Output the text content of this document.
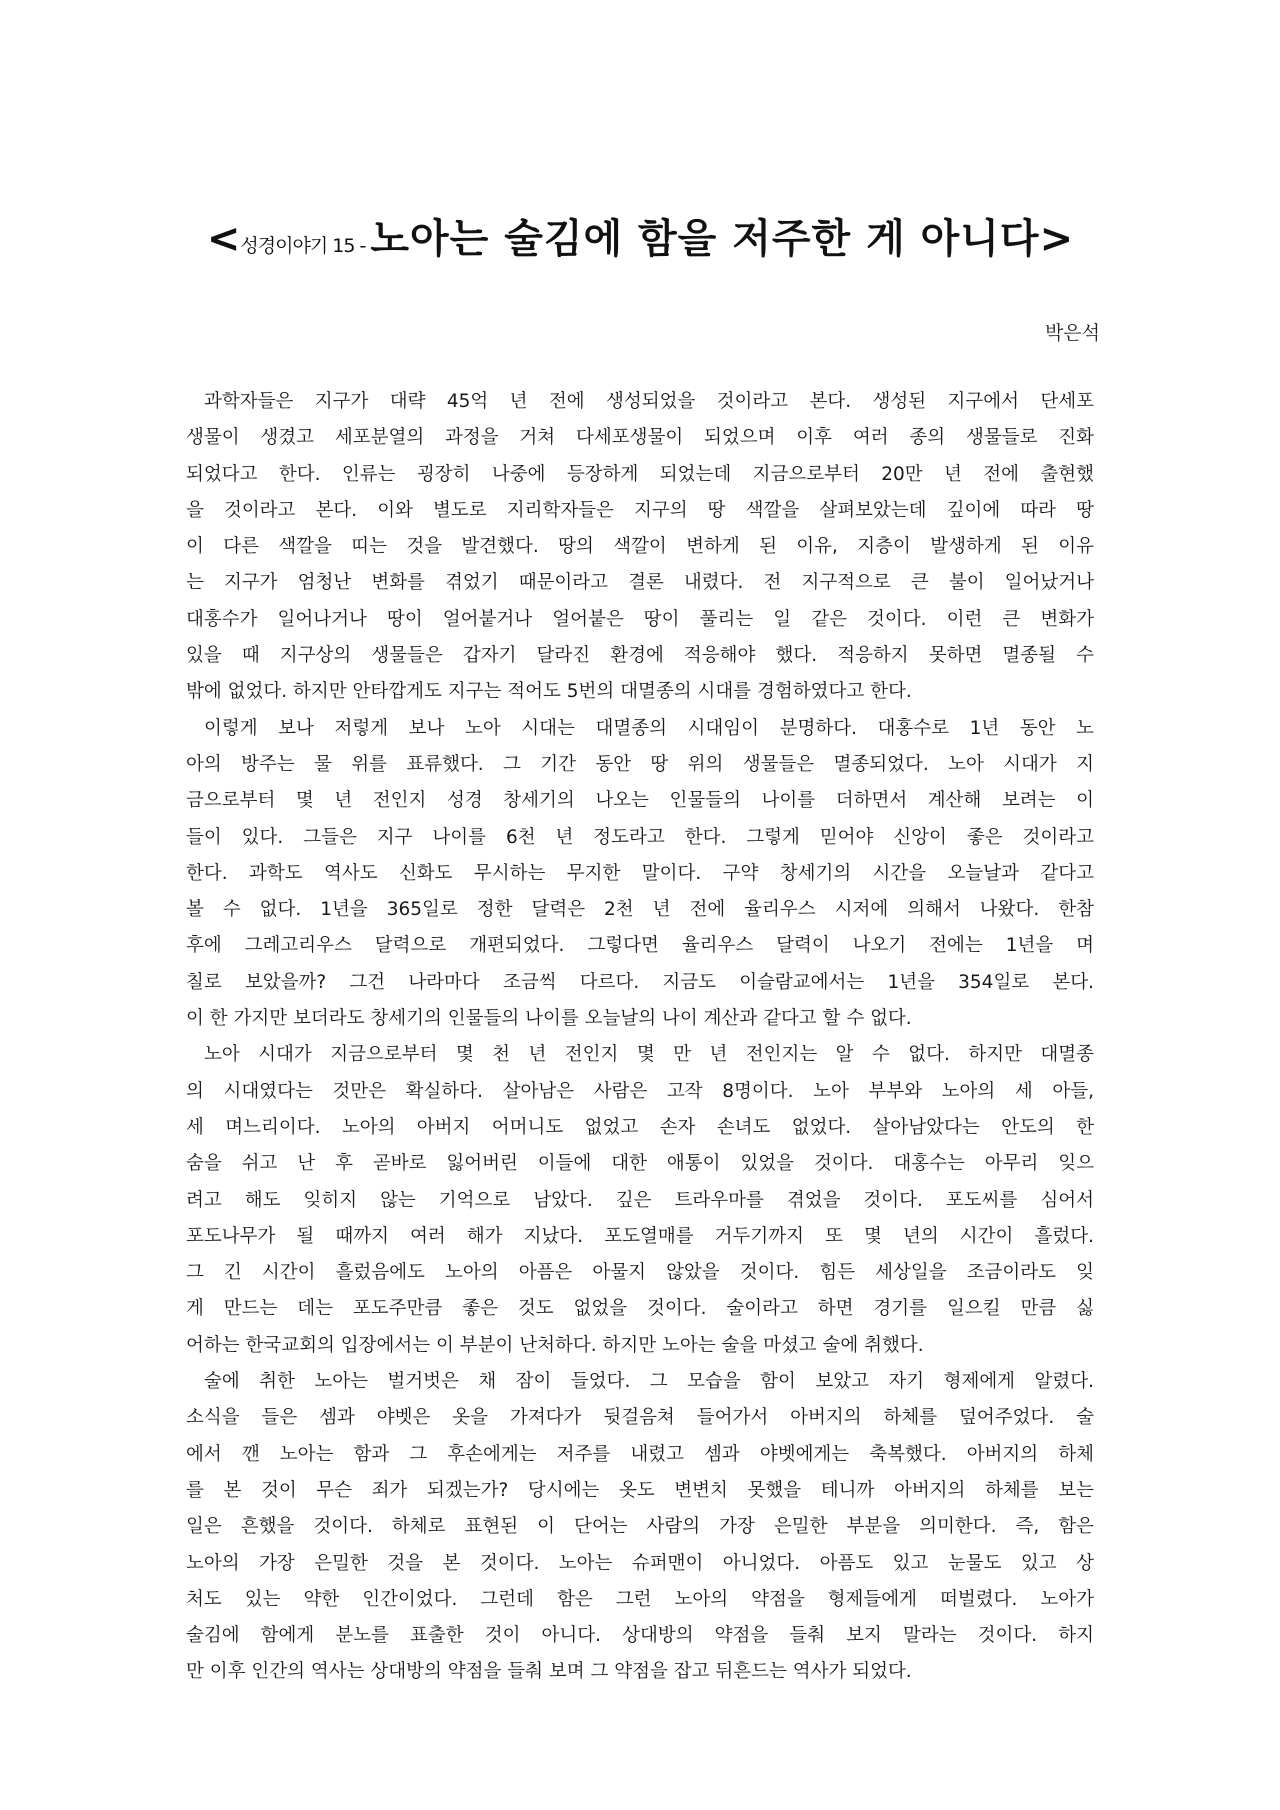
<성경이야기 15 - 노아는 술김에 함을 저주한 게 아니다>
박은석
과학자들은 지구가 대략 45억 년 전에 생성되었을 것이라고 본다. 생성된 지구에서 단세포
생물이 생겼고 세포분열의 과정을 거쳐 다세포생물이 되었으며 이후 여러 종의 생물들로 진화
되었다고 한다. 인류는 굉장히 나중에 등장하게 되었는데 지금으로부터 20만 년 전에 출현했
을 것이라고 본다. 이와 별도로 지리학자들은 지구의 땅 색깔을 살펴보았는데 깊이에 따라 땅
이 다른 색깔을 띠는 것을 발견했다. 땅의 색깔이 변하게 된 이유, 지층이 발생하게 된 이유
는 지구가 엄청난 변화를 겪었기 때문이라고 결론 내렸다. 전 지구적으로 큰 불이 일어났거나
대홍수가 일어나거나 땅이 얼어붙거나 얼어붙은 땅이 풀리는 일 같은 것이다. 이런 큰 변화가
있을 때 지구상의 생물들은 갑자기 달라진 환경에 적응해야 했다. 적응하지 못하면 멸종될 수
밖에 없었다. 하지만 안타깝게도 지구는 적어도 5번의 대멸종의 시대를 경험하였다고 한다.
이렇게 보나 저렇게 보나 노아 시대는 대멸종의 시대임이 분명하다. 대홍수로 1년 동안 노
아의 방주는 물 위를 표류했다. 그 기간 동안 땅 위의 생물들은 멸종되었다. 노아 시대가 지
금으로부터 몇 년 전인지 성경 창세기의 나오는 인물들의 나이를 더하면서 계산해 보려는 이
들이 있다. 그들은 지구 나이를 6천 년 정도라고 한다. 그렇게 믿어야 신앙이 좋은 것이라고
한다. 과학도 역사도 신화도 무시하는 무지한 말이다. 구약 창세기의 시간을 오늘날과 같다고
볼 수 없다. 1년을 365일로 정한 달력은 2천 년 전에 율리우스 시저에 의해서 나왔다. 한참
후에 그레고리우스 달력으로 개편되었다. 그렇다면 율리우스 달력이 나오기 전에는 1년을 며
칠로 보았을까? 그건 나라마다 조금씩 다르다. 지금도 이슬람교에서는 1년을 354일로 본다.
이 한 가지만 보더라도 창세기의 인물들의 나이를 오늘날의 나이 계산과 같다고 할 수 없다.
노아 시대가 지금으로부터 몇 천 년 전인지 몇 만 년 전인지는 알 수 없다. 하지만 대멸종
의 시대였다는 것만은 확실하다. 살아남은 사람은 고작 8명이다. 노아 부부와 노아의 세 아들,
세 며느리이다. 노아의 아버지 어머니도 없었고 손자 손녀도 없었다. 살아남았다는 안도의 한
숨을 쉬고 난 후 곧바로 잃어버린 이들에 대한 애통이 있었을 것이다. 대홍수는 아무리 잊으
려고 해도 잊히지 않는 기억으로 남았다. 깊은 트라우마를 겪었을 것이다. 포도씨를 심어서
포도나무가 될 때까지 여러 해가 지났다. 포도열매를 거두기까지 또 몇 년의 시간이 흘렀다.
그 긴 시간이 흘렀음에도 노아의 아픔은 아물지 않았을 것이다. 힘든 세상일을 조금이라도 잊
게 만드는 데는 포도주만큼 좋은 것도 없었을 것이다. 술이라고 하면 경기를 일으킬 만큼 싫
어하는 한국교회의 입장에서는 이 부분이 난처하다. 하지만 노아는 술을 마셨고 술에 취했다.
술에 취한 노아는 벌거벗은 채 잠이 들었다. 그 모습을 함이 보았고 자기 형제에게 알렸다.
소식을 들은 셈과 야벳은 옷을 가져다가 뒷걸음쳐 들어가서 아버지의 하체를 덮어주었다. 술
에서 깬 노아는 함과 그 후손에게는 저주를 내렸고 셈과 야벳에게는 축복했다. 아버지의 하체
를 본 것이 무슨 죄가 되겠는가? 당시에는 옷도 변변치 못했을 테니까 아버지의 하체를 보는
일은 흔했을 것이다. 하체로 표현된 이 단어는 사람의 가장 은밀한 부분을 의미한다. 즉, 함은
노아의 가장 은밀한 것을 본 것이다. 노아는 슈퍼맨이 아니었다. 아픔도 있고 눈물도 있고 상
처도 있는 약한 인간이었다. 그런데 함은 그런 노아의 약점을 형제들에게 떠벌렸다. 노아가
술김에 함에게 분노를 표출한 것이 아니다. 상대방의 약점을 들춰 보지 말라는 것이다. 하지
만 이후 인간의 역사는 상대방의 약점을 들춰 보며 그 약점을 잡고 뒤흔드는 역사가 되었다.
